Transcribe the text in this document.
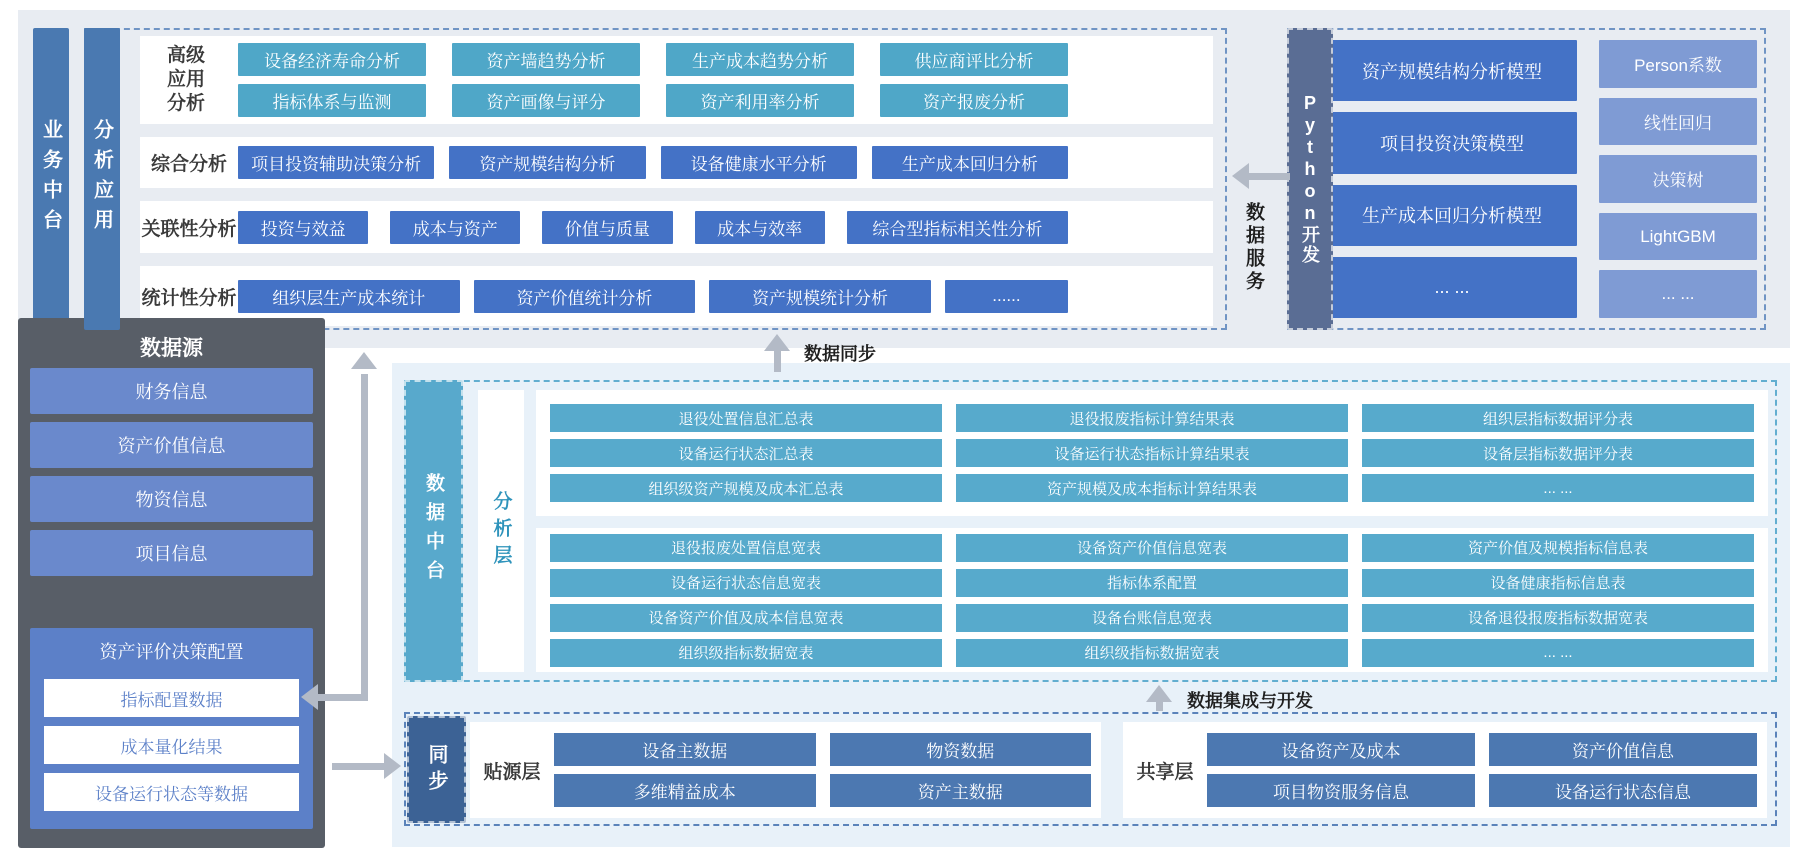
业务中台	分析应用
高级应用分析
设备经济寿命分析	资产墙趋势分析	生产成本趋势分析	供应商评比分析
指标体系与监测	资产画像与评分	资产利用率分析	资产报废分析
综合分析	项目投资辅助决策分析	资产规模结构分析	设备健康水平分析	生产成本回归分析
关联性分析	投资与效益	成本与资产	价值与质量	成本与效率	综合型指标相关性分析
统计性分析	组织层生产成本统计	资产价值统计分析	资产规模统计分析	......
数据服务	Python开发
资产规模结构分析模型
项目投资决策模型
生产成本回归分析模型
... ...
Person系数
线性回归
决策树
LightGBM
... ...
数据源
财务信息
资产价值信息
物资信息
项目信息
资产评价决策配置
指标配置数据
成本量化结果
设备运行状态等数据
数据中台	分析层
退役处置信息汇总表	退役报废指标计算结果表	组织层指标数据评分表
设备运行状态汇总表	设备运行状态指标计算结果表	设备层指标数据评分表
组织级资产规模及成本汇总表	资产规模及成本指标计算结果表	... ...
退役报废处置信息宽表	设备资产价值信息宽表	资产价值及规模指标信息表
设备运行状态信息宽表	指标体系配置	设备健康指标信息表
设备资产价值及成本信息宽表	设备台账信息宽表	设备退役报废指标数据宽表
组织级指标数据宽表	组织级指标数据宽表	... ...
同步	贴源层
设备主数据	物资数据
多维精益成本	资产主数据
共享层
设备资产及成本	资产价值信息
项目物资服务信息	设备运行状态信息
数据同步
数据集成与开发
